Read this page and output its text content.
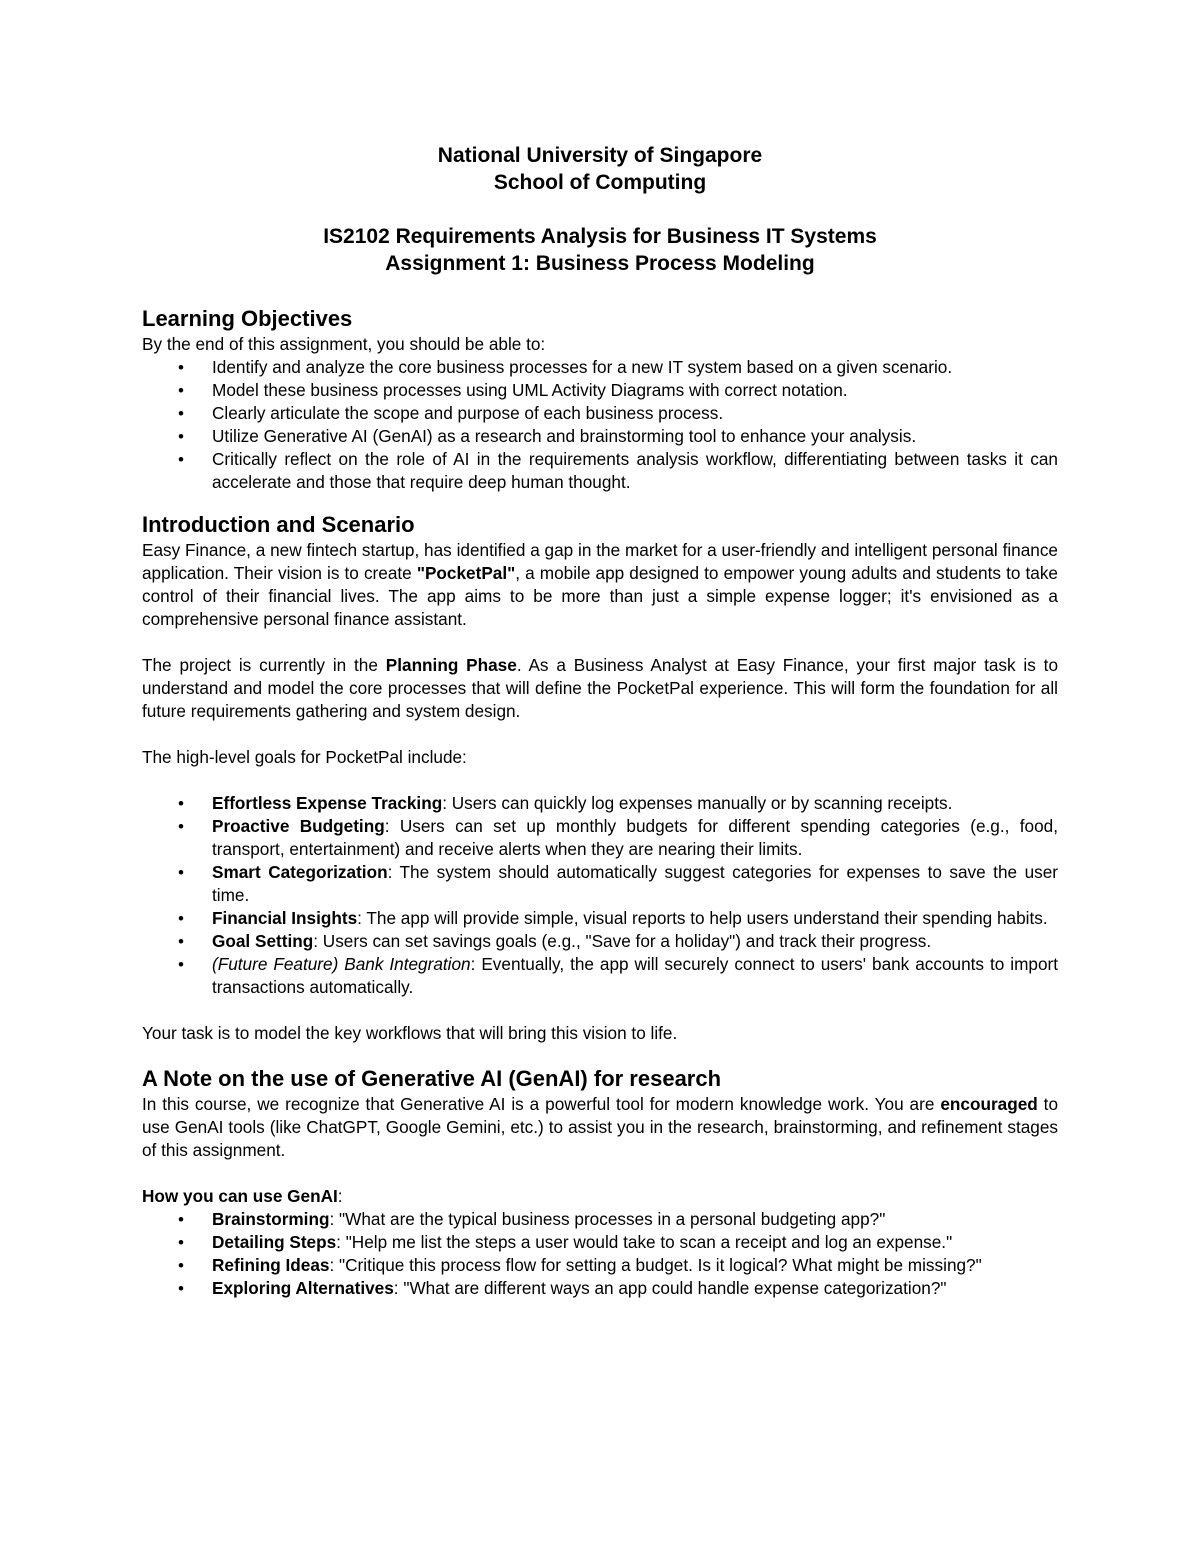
National University of Singapore
School of Computing
IS2102 Requirements Analysis for Business IT Systems
Assignment 1: Business Process Modeling
Learning Objectives

By the end of this assignment, you should be able to:

• Identify and analyze the core business processes for a new IT system based on a given scenario.
• Model these business processes using UML Activity Diagrams with correct notation.
• Clearly articulate the scope and purpose of each business process.
• Utilize Generative AI (GenAI) as a research and brainstorming tool to enhance your analysis.
• Critically reflect on the role of AI in the requirements analysis workflow, differentiating between tasks it can accelerate and those that require deep human thought.
Introduction and Scenario

Easy Finance, a new fintech startup, has identified a gap in the market for a user-friendly and intelligent personal finance application. Their vision is to create "PocketPal", a mobile app designed to empower young adults and students to take control of their financial lives. The app aims to be more than just a simple expense logger; it's envisioned as a comprehensive personal finance assistant.

The project is currently in the Planning Phase. As a Business Analyst at Easy Finance, your first major task is to understand and model the core processes that will define the PocketPal experience. This will form the foundation for all future requirements gathering and system design.

The high-level goals for PocketPal include:

• Effortless Expense Tracking: Users can quickly log expenses manually or by scanning receipts.
• Proactive Budgeting: Users can set up monthly budgets for different spending categories (e.g., food, transport, entertainment) and receive alerts when they are nearing their limits.
• Smart Categorization: The system should automatically suggest categories for expenses to save the user time.
• Financial Insights: The app will provide simple, visual reports to help users understand their spending habits.
• Goal Setting: Users can set savings goals (e.g., "Save for a holiday") and track their progress.
• (Future Feature) Bank Integration: Eventually, the app will securely connect to users' bank accounts to import transactions automatically.

Your task is to model the key workflows that will bring this vision to life.

A Note on the use of Generative AI (GenAI) for research

In this course, we recognize that Generative AI is a powerful tool for modern knowledge work. You are encouraged to use GenAI tools (like ChatGPT, Google Gemini, etc.) to assist you in the research, brainstorming, and refinement stages of this assignment.

How you can use GenAI:

• Brainstorming: "What are the typical business processes in a personal budgeting app?"
• Detailing Steps: "Help me list the steps a user would take to scan a receipt and log an expense."
• Refining Ideas: "Critique this process flow for setting a budget. Is it logical? What might be missing?"
• Exploring Alternatives: "What are different ways an app could handle expense categorization?"
